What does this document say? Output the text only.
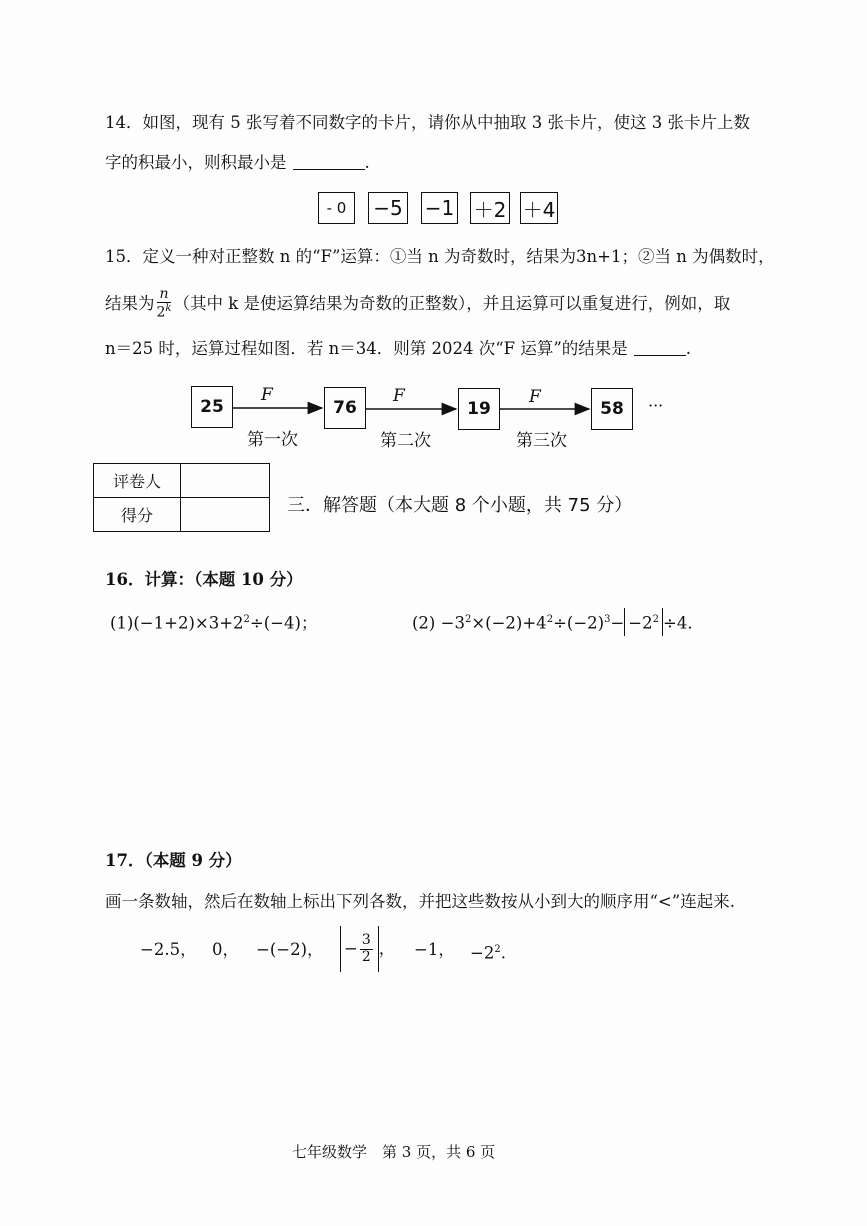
14．如图，现有 5 张写着不同数字的卡片，请你从中抽取 3 张卡片，使这 3 张卡片上数
字的积最小，则积最小是	.
- 0 −5 −1 ＋2 ＋4
15．定义一种对正整数 n 的“F”运算：①当 n 为奇数时，结果为3n+1；②当 n 为偶数时，
结果为 $\frac{n}{2^k}$ （其中 k 是使运算结果为奇数的正整数），并且运算可以重复进行，例如，取
n＝25 时，运算过程如图．若 n＝34．则第 2024 次“F 运算”的结果是	.
25	76	19	58
F	F	F
第一次	第二次	第三次
···
评卷人	
得分		三．解答题（本大题 8 个小题，共 75 分）
16．计算：（本题 10 分）
$(1)(-1+2)\times 3+2^2\div(-4)$；	$(2) -3^2\times(-2)+4^2\div(-2)^3- -2^2 \div 4$．
17．（本题 9 分）
画一条数轴，然后在数轴上标出下列各数，并把这些数按从小到大的顺序用“<”连起来.
−2.5， 0， −(−2)， − $\frac{3}{2}$ ， −1， $-2^2$.
七年级数学　第 3 页，共 6 页
